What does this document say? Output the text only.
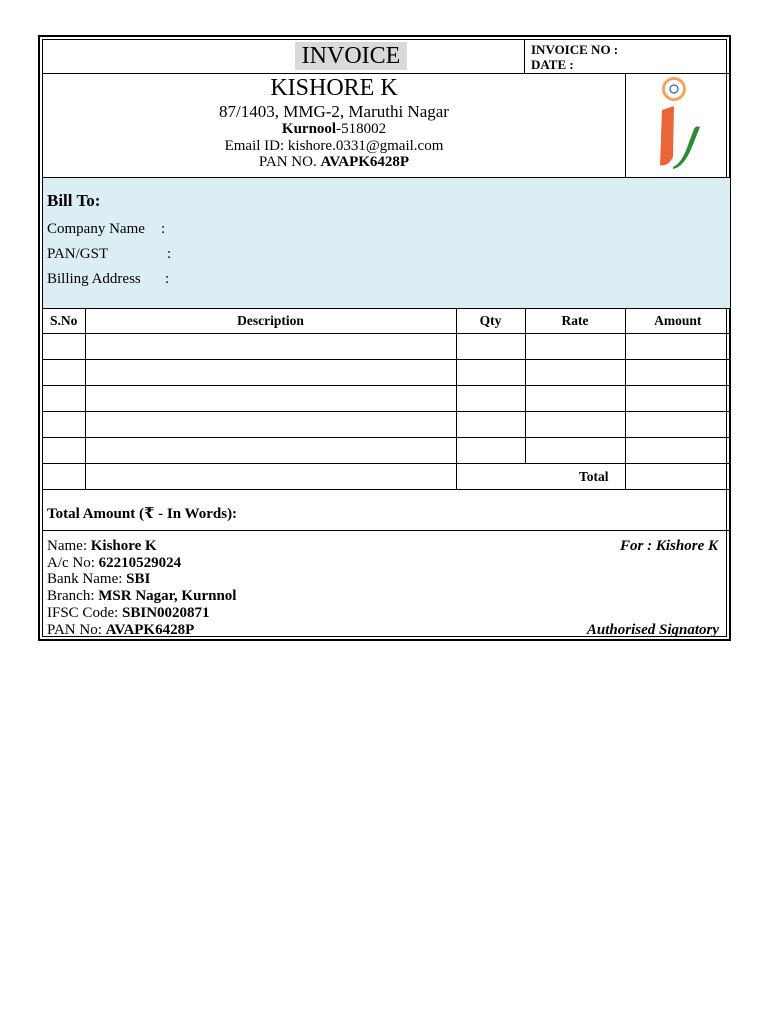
INVOICE	INVOICE NO :
DATE :
KISHORE K
87/1403, MMG-2, Maruthi Nagar
Kurnool-518002
Email ID: kishore.0331@gmail.com
PAN NO. AVAPK6428P
Bill To:
Company Name :
PAN/GST	:
Billing Address :
S.No	Description	Qty	Rate	Amount

		Total		
Total Amount (₹ - In Words):
Name: Kishore K
A/c No: 62210529024
Bank Name: SBI
Branch: MSR Nagar, Kurnnol
IFSC Code: SBIN0020871
PAN No: AVAPK6428P
For : Kishore K
Authorised Signatory
